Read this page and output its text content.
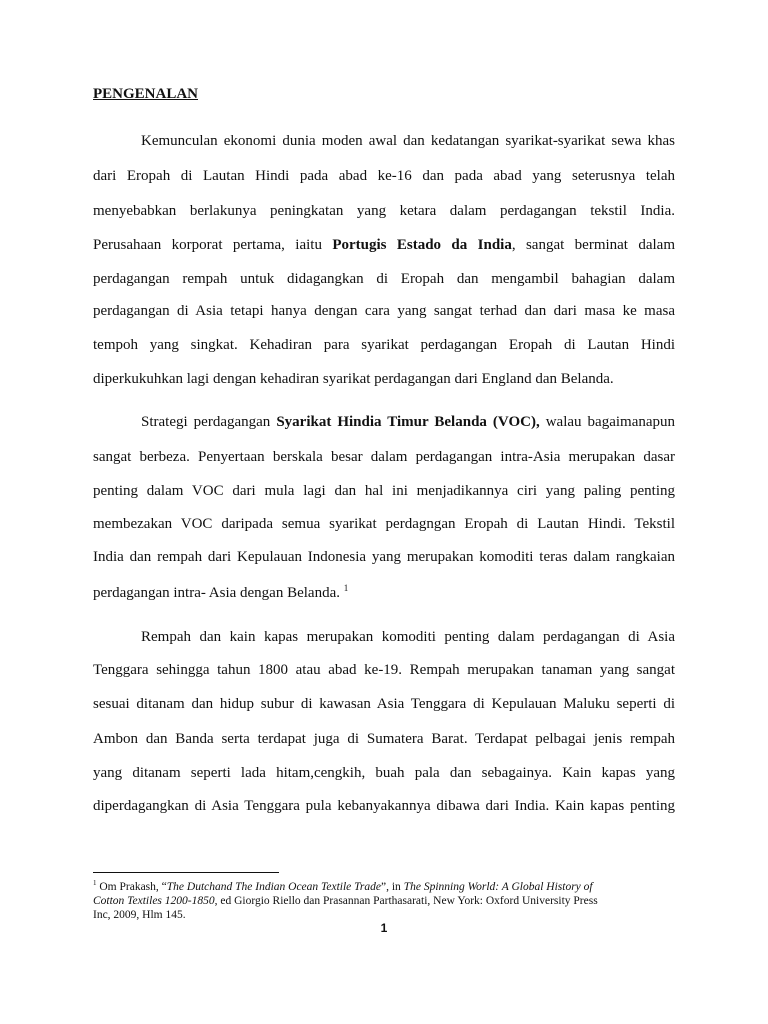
PENGENALAN
Kemunculan ekonomi dunia moden awal dan kedatangan syarikat-syarikat sewa khas
dari Eropah di Lautan Hindi pada abad ke-16 dan pada abad yang seterusnya telah
menyebabkan berlakunya peningkatan yang ketara dalam perdagangan tekstil India.
Perusahaan korporat pertama, iaitu Portugis Estado da India, sangat berminat dalam
perdagangan rempah untuk didagangkan di Eropah dan mengambil bahagian dalam
perdagangan di Asia tetapi hanya dengan cara yang sangat terhad dan dari masa ke masa
tempoh yang singkat. Kehadiran para syarikat perdagangan Eropah di Lautan Hindi
diperkukuhkan lagi dengan kehadiran syarikat perdagangan dari England dan Belanda.
Strategi perdagangan Syarikat Hindia Timur Belanda (VOC), walau bagaimanapun
sangat berbeza. Penyertaan berskala besar dalam perdagangan intra-Asia merupakan dasar
penting dalam VOC dari mula lagi dan hal ini menjadikannya ciri yang paling penting
membezakan VOC daripada semua syarikat perdagngan Eropah di Lautan Hindi. Tekstil
India dan rempah dari Kepulauan Indonesia yang merupakan komoditi teras dalam rangkaian
perdagangan intra- Asia dengan Belanda. $^1$
Rempah dan kain kapas merupakan komoditi penting dalam perdagangan di Asia
Tenggara sehingga tahun 1800 atau abad ke-19. Rempah merupakan tanaman yang sangat
sesuai ditanam dan hidup subur di kawasan Asia Tenggara di Kepulauan Maluku seperti di
Ambon dan Banda serta terdapat juga di Sumatera Barat. Terdapat pelbagai jenis rempah
yang ditanam seperti lada hitam,cengkih, buah pala dan sebagainya. Kain kapas yang
diperdagangkan di Asia Tenggara pula kebanyakannya dibawa dari India. Kain kapas penting
$^1$ Om Prakash, “The Dutchand The Indian Ocean Textile Trade”, in The Spinning World: A Global History of
Cotton Textiles 1200-1850, ed Giorgio Riello dan Prasannan Parthasarati, New York: Oxford University Press
Inc, 2009, Hlm 145.
1
